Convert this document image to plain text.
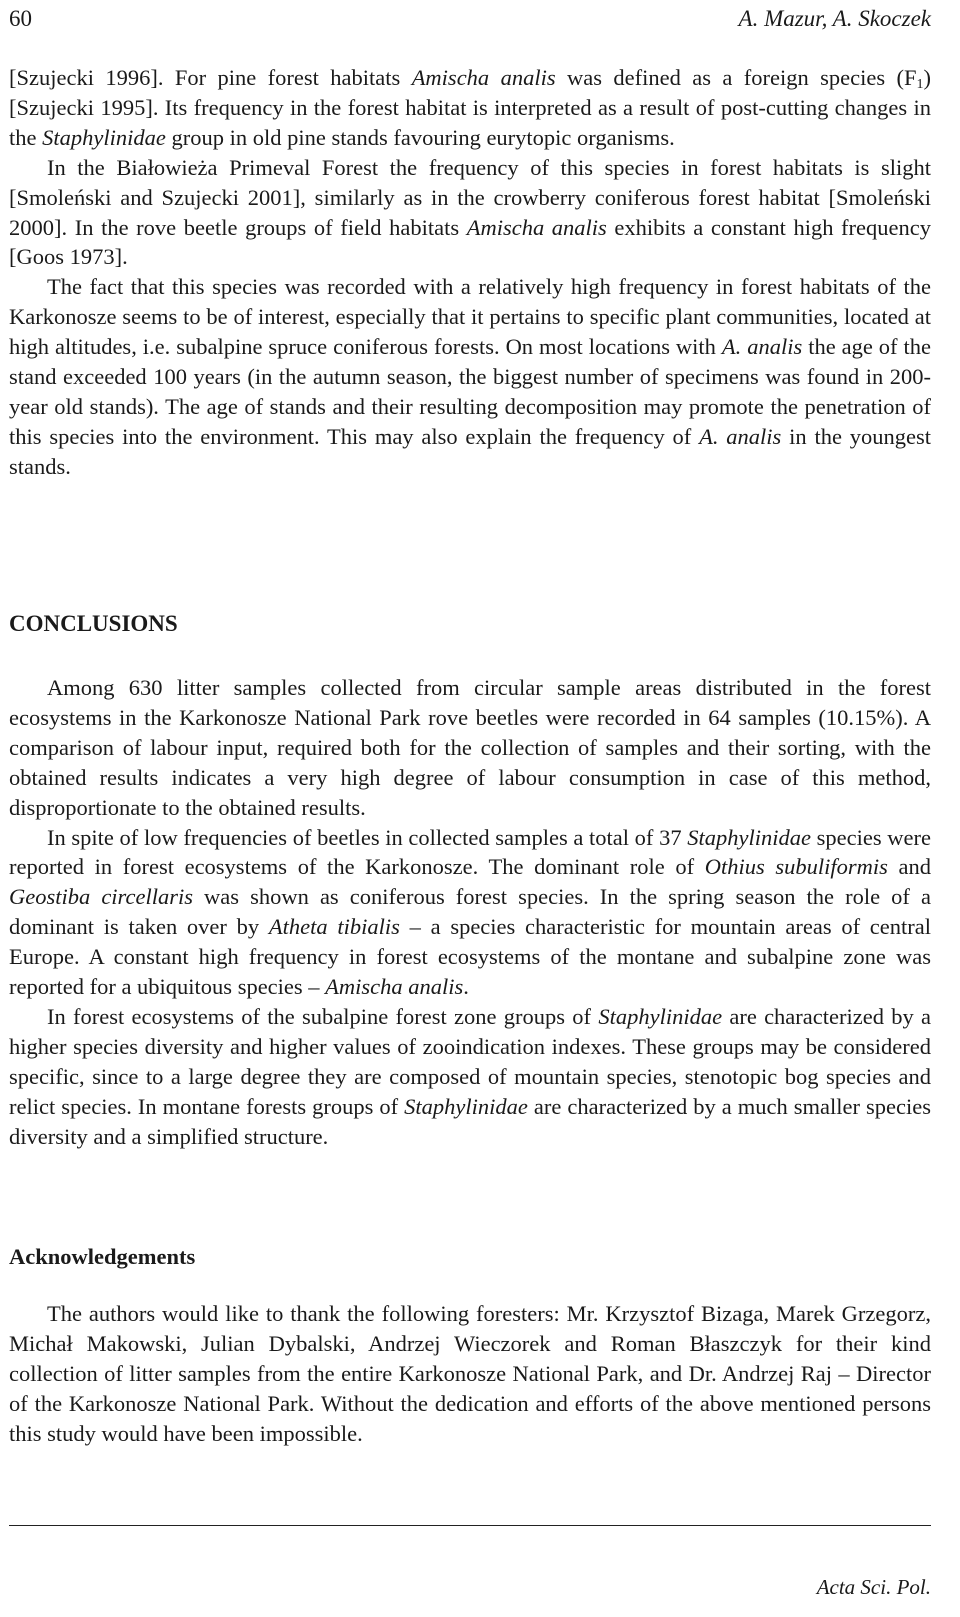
60	A. Mazur, A. Skoczek

[Szujecki 1996]. For pine forest habitats Amischa analis was defined as a foreign species $(F_1)$ [Szujecki 1995]. Its frequency in the forest habitat is interpreted as a result of post-cutting changes in the Staphylinidae group in old pine stands favouring eurytopic organisms.

In the Białowieża Primeval Forest the frequency of this species in forest habitats is slight [Smoleński and Szujecki 2001], similarly as in the crowberry coniferous forest habitat [Smoleński 2000]. In the rove beetle groups of field habitats Amischa analis exhibits a constant high frequency [Goos 1973].

The fact that this species was recorded with a relatively high frequency in forest habitats of the Karkonosze seems to be of interest, especially that it pertains to specific plant communities, located at high altitudes, i.e. subalpine spruce coniferous forests. On most locations with A. analis the age of the stand exceeded 100 years (in the autumn season, the biggest number of specimens was found in 200-year old stands). The age of stands and their resulting decomposition may promote the penetration of this species into the environment. This may also explain the frequency of A. analis in the youngest stands.

CONCLUSIONS

Among 630 litter samples collected from circular sample areas distributed in the forest ecosystems in the Karkonosze National Park rove beetles were recorded in 64 samples (10.15%). A comparison of labour input, required both for the collection of samples and their sorting, with the obtained results indicates a very high degree of labour consumption in case of this method, disproportionate to the obtained results.

In spite of low frequencies of beetles in collected samples a total of 37 Staphylinidae species were reported in forest ecosystems of the Karkonosze. The dominant role of Othius subuliformis and Geostiba circellaris was shown as coniferous forest species. In the spring season the role of a dominant is taken over by Atheta tibialis – a species characteristic for mountain areas of central Europe. A constant high frequency in forest ecosystems of the montane and subalpine zone was reported for a ubiquitous species – Amischa analis.

In forest ecosystems of the subalpine forest zone groups of Staphylinidae are characterized by a higher species diversity and higher values of zooindication indexes. These groups may be considered specific, since to a large degree they are composed of mountain species, stenotopic bog species and relict species. In montane forests groups of Staphylinidae are characterized by a much smaller species diversity and a simplified structure.

Acknowledgements

The authors would like to thank the following foresters: Mr. Krzysztof Bizaga, Marek Grzegorz, Michał Makowski, Julian Dybalski, Andrzej Wieczorek and Roman Błaszczyk for their kind collection of litter samples from the entire Karkonosze National Park, and Dr. Andrzej Raj – Director of the Karkonosze National Park. Without the dedication and efforts of the above mentioned persons this study would have been impossible.

Acta Sci. Pol.
